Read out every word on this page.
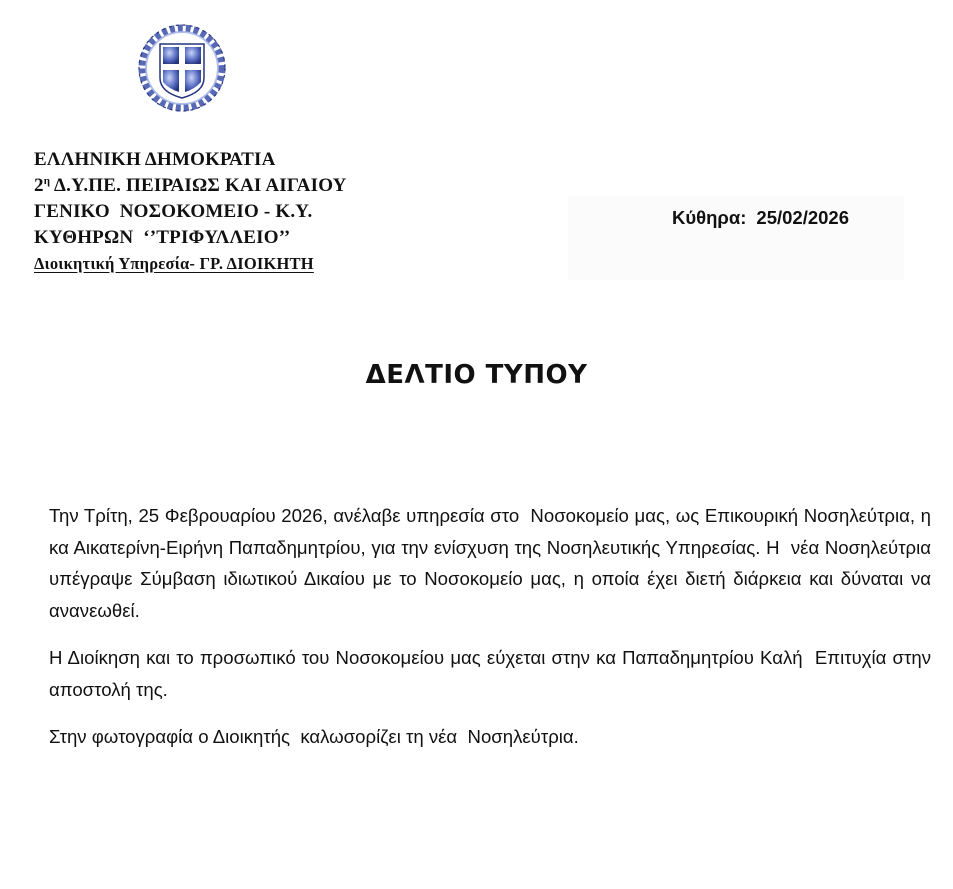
ΕΛΛΗΝΙΚΗ ΔΗΜΟΚΡΑΤΙΑ
$2^\eta$ Δ.Υ.ΠΕ. ΠΕΙΡΑΙΩΣ ΚΑΙ ΑΙΓΑΙΟΥ
ΓΕΝΙΚΟ  ΝΟΣΟΚΟΜΕΙΟ - Κ.Υ.
ΚΥΘΗΡΩΝ  ‘’ΤΡΙΦΥΛΛΕΙΟ’’
Διοικητική Υπηρεσία- ΓΡ. ΔΙΟΙΚΗΤΗ
Κύθηρα: 25/02/2026
ΔΕΛΤΙΟ ΤΥΠΟΥ

Την Τρίτη, 25 Φεβρουαρίου 2026, ανέλαβε υπηρεσία στο  Νοσοκομείο μας, ως Επικουρική Νοσηλεύτρια, η κα Αικατερίνη-Ειρήνη Παπαδημητρίου, για την ενίσχυση της Νοσηλευτικής Υπηρεσίας. Η  νέα Νοσηλεύτρια υπέγραψε Σύμβαση ιδιωτικού Δικαίου με το Νοσοκομείο μας, η οποία έχει διετή διάρκεια και δύναται να ανανεωθεί.

Η Διοίκηση και το προσωπικό του Νοσοκομείου μας εύχεται στην κα Παπαδημητρίου Καλή  Επιτυχία στην αποστολή της.

Στην φωτογραφία ο Διοικητής  καλωσορίζει τη νέα  Νοσηλεύτρια.
